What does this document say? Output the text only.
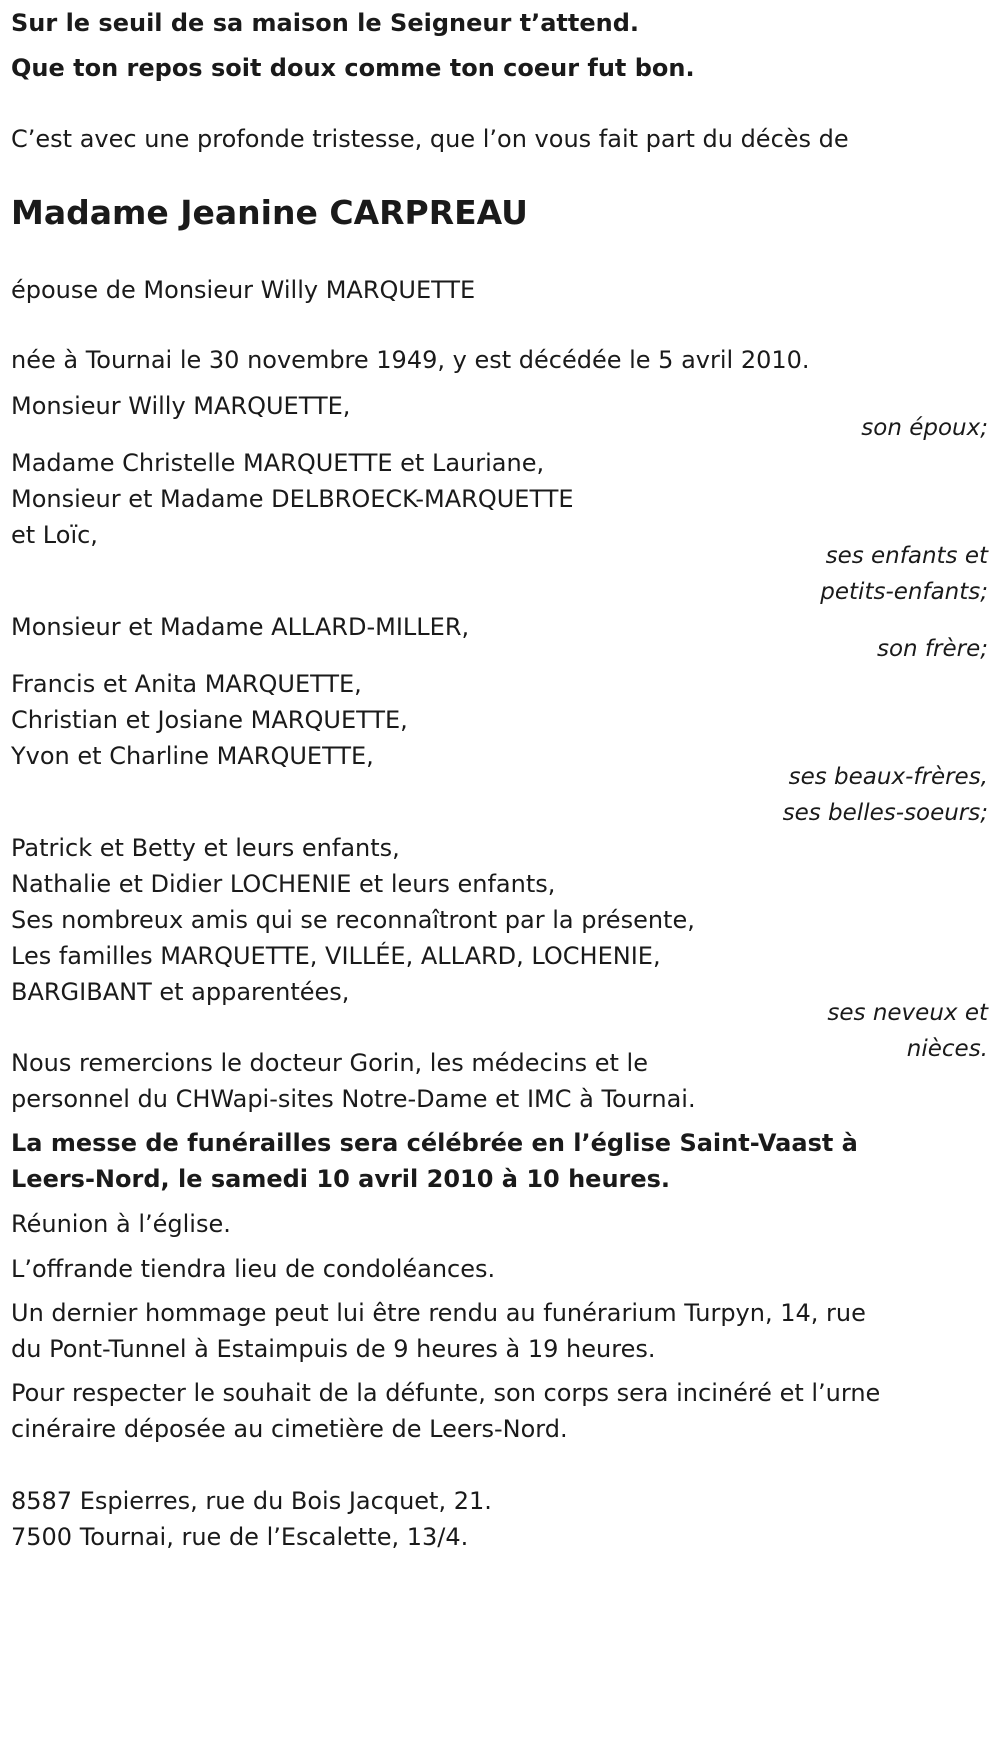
Sur le seuil de sa maison le Seigneur t’attend.

Que ton repos soit doux comme ton coeur fut bon.

C’est avec une profonde tristesse, que l’on vous fait part du décès de

Madame Jeanine CARPREAU

épouse de Monsieur Willy MARQUETTE

née à Tournai le 30 novembre 1949, y est décédée le 5 avril 2010.

Monsieur Willy MARQUETTE,

son époux;

Madame Christelle MARQUETTE et Lauriane,

Monsieur et Madame DELBROECK-MARQUETTE

et Loïc,

ses enfants et

petits-enfants;

Monsieur et Madame ALLARD-MILLER,

son frère;

Francis et Anita MARQUETTE,

Christian et Josiane MARQUETTE,

Yvon et Charline MARQUETTE,

ses beaux-frères,

ses belles-soeurs;

Patrick et Betty et leurs enfants,

Nathalie et Didier LOCHENIE et leurs enfants,

Ses nombreux amis qui se reconnaîtront par la présente,

Les familles MARQUETTE, VILLÉE, ALLARD, LOCHENIE,

BARGIBANT et apparentées,

ses neveux et

nièces.

Nous remercions le docteur Gorin, les médecins et le

personnel du CHWapi-sites Notre-Dame et IMC à Tournai.

La messe de funérailles sera célébrée en l’église Saint-Vaast à

Leers-Nord, le samedi 10 avril 2010 à 10 heures.

Réunion à l’église.

L’offrande tiendra lieu de condoléances.

Un dernier hommage peut lui être rendu au funérarium Turpyn, 14, rue

du Pont-Tunnel à Estaimpuis de 9 heures à 19 heures.

Pour respecter le souhait de la défunte, son corps sera incinéré et l’urne

cinéraire déposée au cimetière de Leers-Nord.

8587 Espierres, rue du Bois Jacquet, 21.

7500 Tournai, rue de l’Escalette, 13/4.
